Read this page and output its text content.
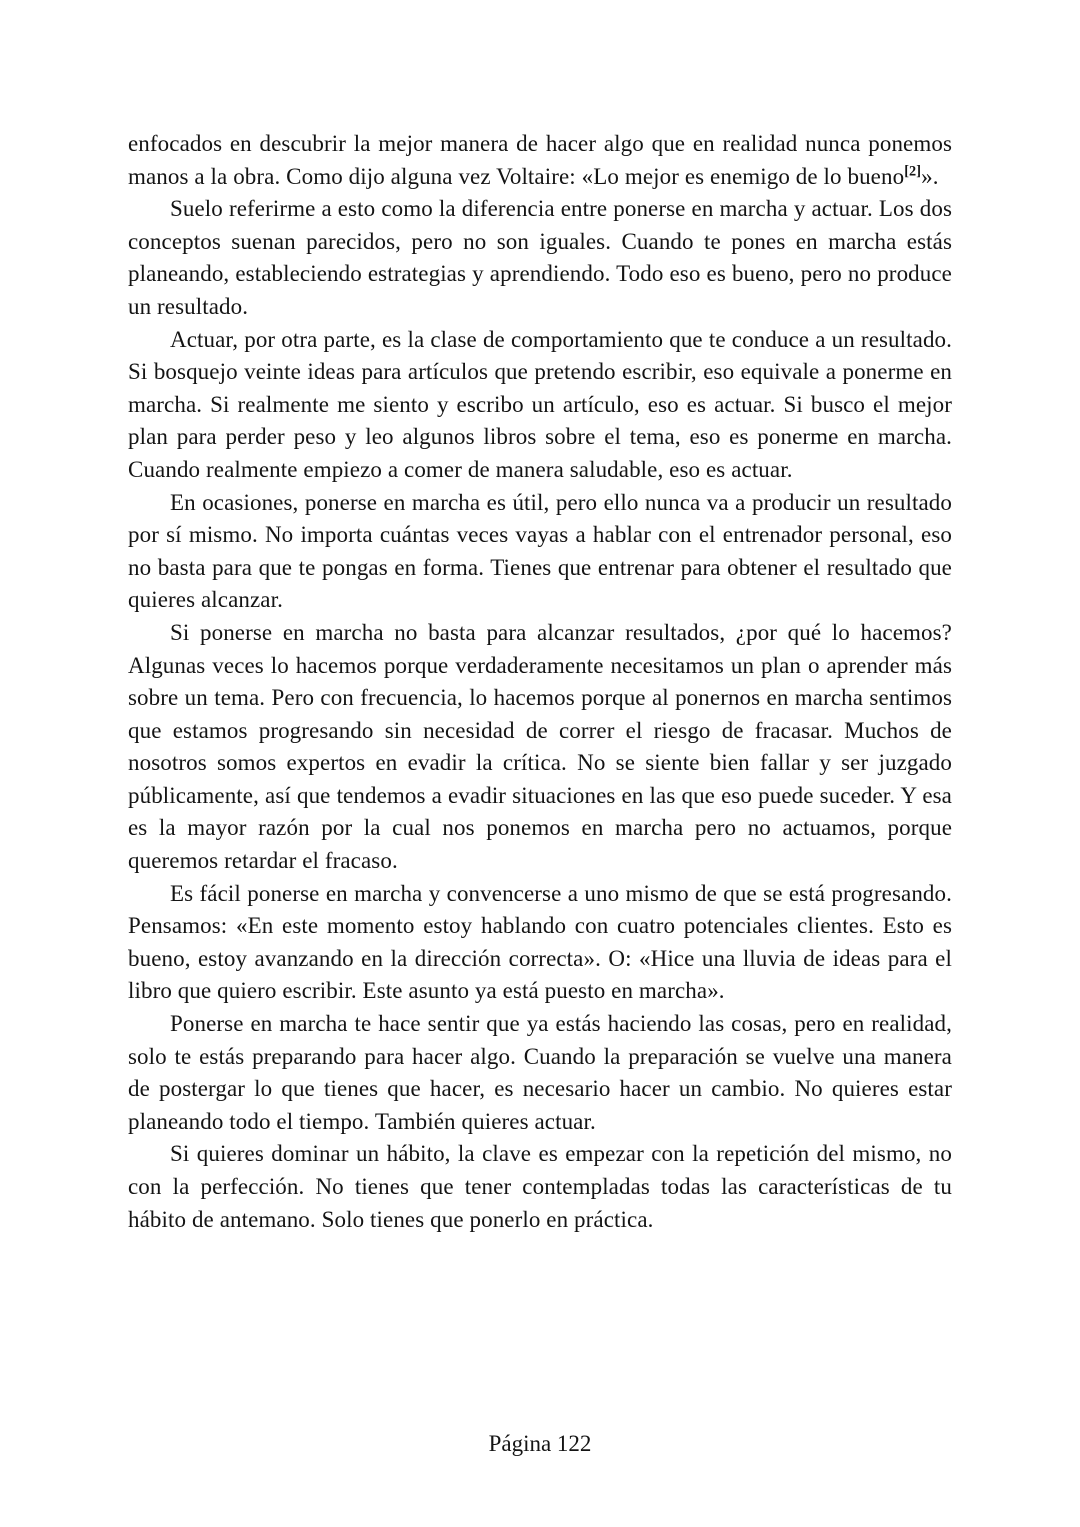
enfocados en descubrir la mejor manera de hacer algo que en realidad nunca ponemos manos a la obra. Como dijo alguna vez Voltaire: «Lo mejor es enemigo de lo bueno[2]».

Suelo referirme a esto como la diferencia entre ponerse en marcha y actuar. Los dos conceptos suenan parecidos, pero no son iguales. Cuando te pones en marcha estás planeando, estableciendo estrategias y aprendiendo. Todo eso es bueno, pero no produce un resultado.

Actuar, por otra parte, es la clase de comportamiento que te conduce a un resultado. Si bosquejo veinte ideas para artículos que pretendo escribir, eso equivale a ponerme en marcha. Si realmente me siento y escribo un artículo, eso es actuar. Si busco el mejor plan para perder peso y leo algunos libros sobre el tema, eso es ponerme en marcha. Cuando realmente empiezo a comer de manera saludable, eso es actuar.

En ocasiones, ponerse en marcha es útil, pero ello nunca va a producir un resultado por sí mismo. No importa cuántas veces vayas a hablar con el entrenador personal, eso no basta para que te pongas en forma. Tienes que entrenar para obtener el resultado que quieres alcanzar.

Si ponerse en marcha no basta para alcanzar resultados, ¿por qué lo hacemos? Algunas veces lo hacemos porque verdaderamente necesitamos un plan o aprender más sobre un tema. Pero con frecuencia, lo hacemos porque al ponernos en marcha sentimos que estamos progresando sin necesidad de correr el riesgo de fracasar. Muchos de nosotros somos expertos en evadir la crítica. No se siente bien fallar y ser juzgado públicamente, así que tendemos a evadir situaciones en las que eso puede suceder. Y esa es la mayor razón por la cual nos ponemos en marcha pero no actuamos, porque queremos retardar el fracaso.

Es fácil ponerse en marcha y convencerse a uno mismo de que se está progresando. Pensamos: «En este momento estoy hablando con cuatro potenciales clientes. Esto es bueno, estoy avanzando en la dirección correcta». O: «Hice una lluvia de ideas para el libro que quiero escribir. Este asunto ya está puesto en marcha».

Ponerse en marcha te hace sentir que ya estás haciendo las cosas, pero en realidad, solo te estás preparando para hacer algo. Cuando la preparación se vuelve una manera de postergar lo que tienes que hacer, es necesario hacer un cambio. No quieres estar planeando todo el tiempo. También quieres actuar.

Si quieres dominar un hábito, la clave es empezar con la repetición del mismo, no con la perfección. No tienes que tener contempladas todas las características de tu hábito de antemano. Solo tienes que ponerlo en práctica.

Página 122
